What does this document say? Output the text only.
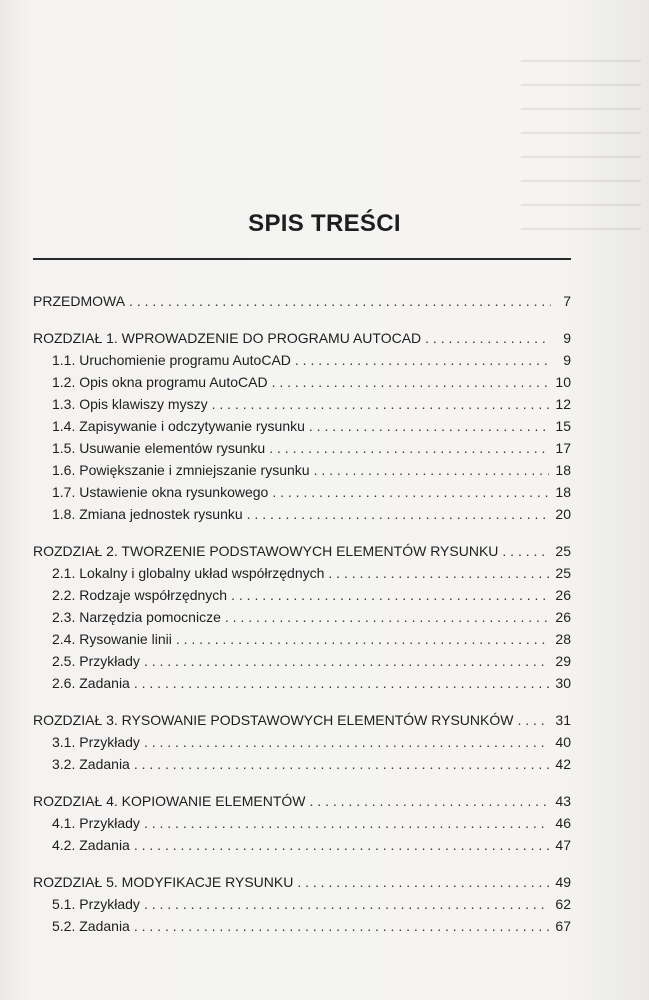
SPIS TREŚCI
PRZEDMOWA . . .	7
ROZDZIAŁ 1. WPROWADZENIE DO PROGRAMU AUTOCAD . . .	9
1.1. Uruchomienie programu AutoCAD . . .	9
1.2. Opis okna programu AutoCAD . . .	10
1.3. Opis klawiszy myszy . . .	12
1.4. Zapisywanie i odczytywanie rysunku . . .	15
1.5. Usuwanie elementów rysunku . . .	17
1.6. Powiększanie i zmniejszanie rysunku . . .	18
1.7. Ustawienie okna rysunkowego . . .	18
1.8. Zmiana jednostek rysunku . . .	20
ROZDZIAŁ 2. TWORZENIE PODSTAWOWYCH ELEMENTÓW RYSUNKU . . .	25
2.1. Lokalny i globalny układ współrzędnych . . .	25
2.2. Rodzaje współrzędnych . . .	26
2.3. Narzędzia pomocnicze . . .	26
2.4. Rysowanie linii . . .	28
2.5. Przykłady . . .	29
2.6. Zadania . . .	30
ROZDZIAŁ 3. RYSOWANIE PODSTAWOWYCH ELEMENTÓW RYSUNKÓW . . .	31
3.1. Przykłady . . .	40
3.2. Zadania . . .	42
ROZDZIAŁ 4. KOPIOWANIE ELEMENTÓW . . .	43
4.1. Przykłady . . .	46
4.2. Zadania . . .	47
ROZDZIAŁ 5. MODYFIKACJE RYSUNKU . . .	49
5.1. Przykłady . . .	62
5.2. Zadania . . .	67
